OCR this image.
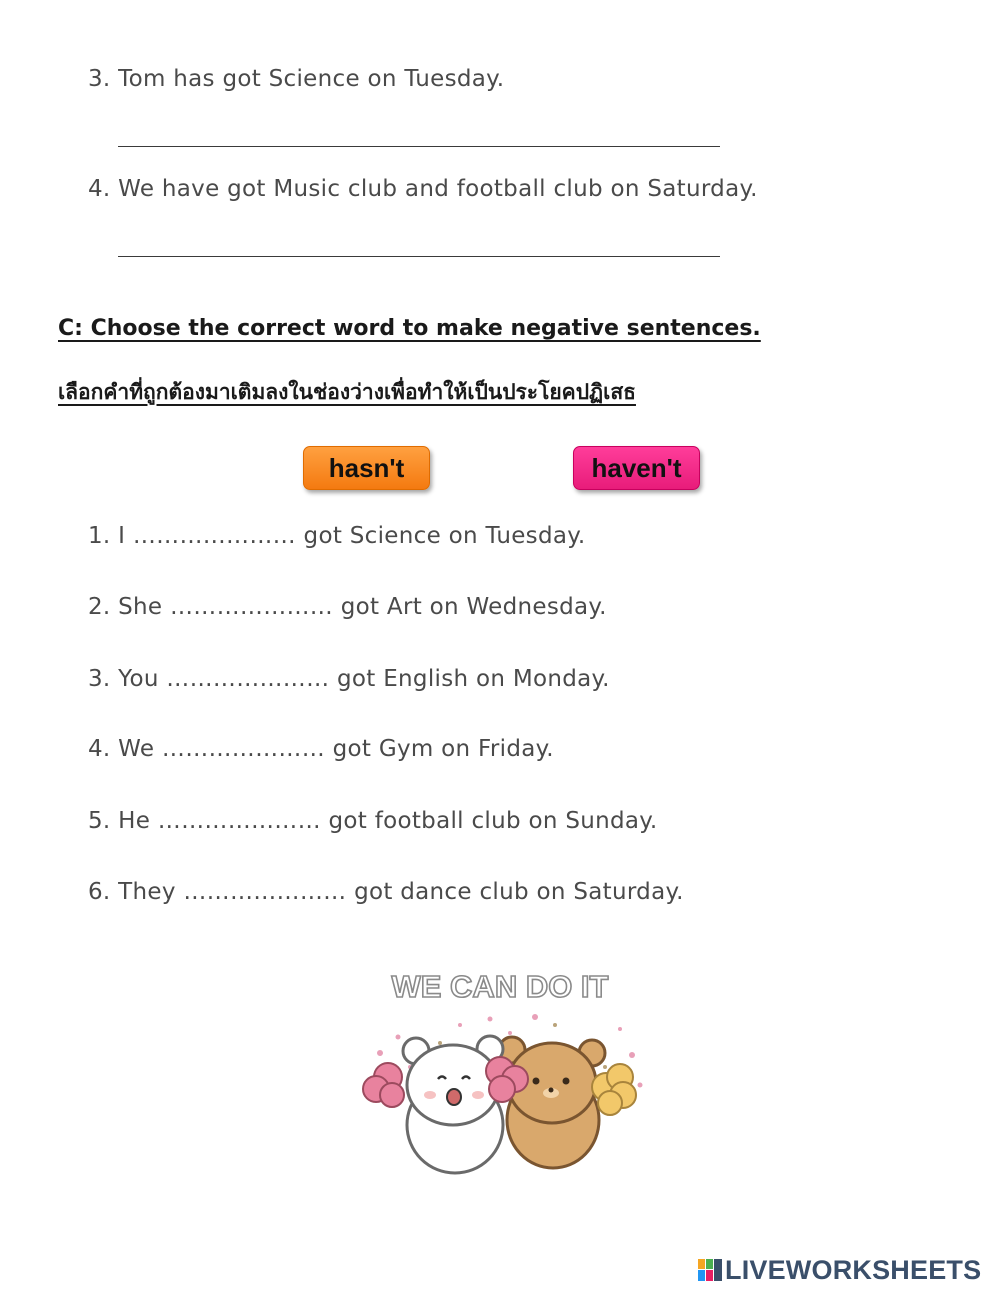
3. Tom has got Science on Tuesday.
4. We have got Music club and football club on Saturday.
C: Choose the correct word to make negative sentences.
เลือกคำที่ถูกต้องมาเติมลงในช่องว่างเพื่อทำให้เป็นประโยคปฏิเสธ
hasn't	haven't
1. I ………………… got Science on Tuesday.
2. She ………………… got Art on Wednesday.
3. You ………………… got English on Monday.
4. We ………………… got Gym on Friday.
5. He ………………… got football club on Sunday.
6. They ………………… got dance club on Saturday.
WE CAN DO IT
LIVEWORKSHEETS
